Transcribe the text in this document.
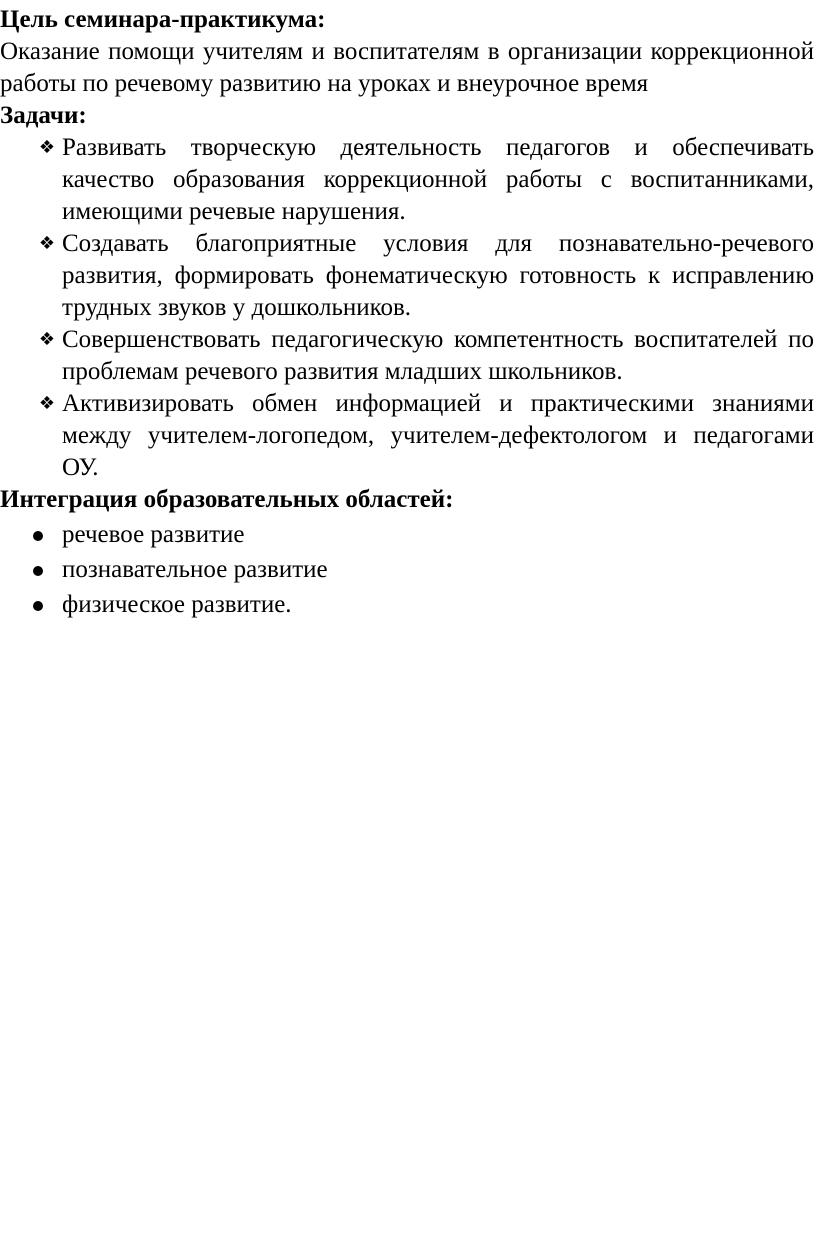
Цель семинара-практикума:

Оказание помощи учителям и воспитателям в организации коррекционной работы по речевому развитию на уроках и внеурочное время

Задачи:

❖ Развивать творческую деятельность педагогов и обеспечивать качество образования коррекционной работы с воспитанниками, имеющими речевые нарушения.
❖ Создавать благоприятные условия для познавательно-речевого развития, формировать фонематическую готовность к исправлению трудных звуков у дошкольников.
❖ Совершенствовать педагогическую компетентность воспитателей по проблемам речевого развития младших школьников.
❖ Активизировать обмен информацией и практическими знаниями между учителем-логопедом, учителем-дефектологом и педагогами ОУ.

Интеграция образовательных областей:

речевое развитие
познавательное развитие
физическое развитие.
